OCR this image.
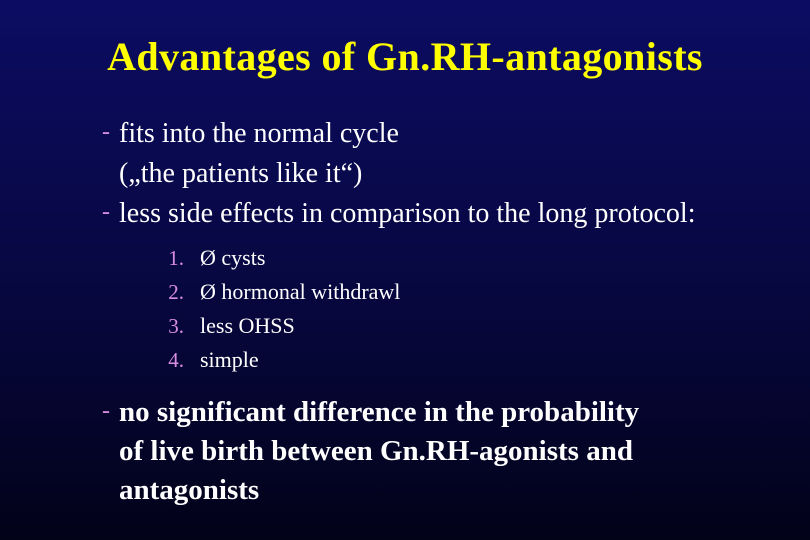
Advantages of Gn.RH-antagonists
- fits into the normal cycle
(„the patients like it“)
- less side effects in comparison to the long protocol:
1. Ø cysts
2. Ø hormonal withdrawl
3. less OHSS
4. simple
- no significant difference in the probability
of live birth between Gn.RH-agonists and
antagonists
